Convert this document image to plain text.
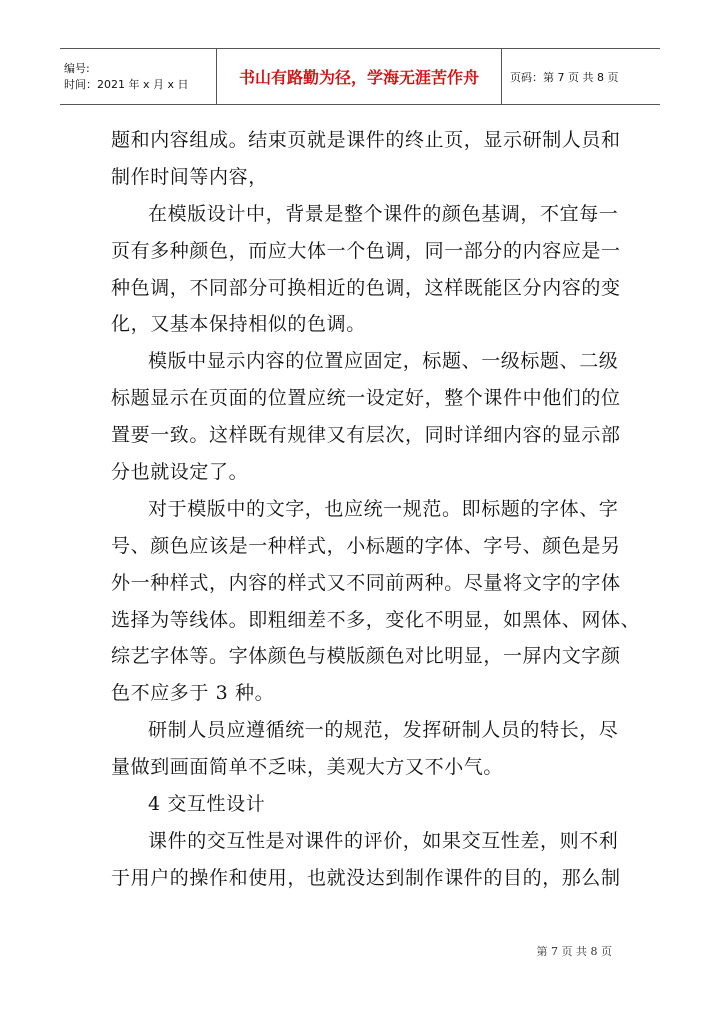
编号:
时间：2021 年 x 月 x 日	书山有路勤为径，学海无涯苦作舟	页码：第 7 页 共 8 页
题和内容组成。结束页就是课件的终止页，显示研制人员和
制作时间等内容，
在模版设计中，背景是整个课件的颜色基调，不宜每一
页有多种颜色，而应大体一个色调，同一部分的内容应是一
种色调，不同部分可换相近的色调，这样既能区分内容的变
化，又基本保持相似的色调。
模版中显示内容的位置应固定，标题、一级标题、二级
标题显示在页面的位置应统一设定好，整个课件中他们的位
置要一致。这样既有规律又有层次，同时详细内容的显示部
分也就设定了。
对于模版中的文字，也应统一规范。即标题的字体、字
号、颜色应该是一种样式，小标题的字体、字号、颜色是另
外一种样式，内容的样式又不同前两种。尽量将文字的字体
选择为等线体。即粗细差不多，变化不明显，如黑体、网体、
综艺字体等。字体颜色与模版颜色对比明显，一屏内文字颜
色不应多于 3 种。
研制人员应遵循统一的规范，发挥研制人员的特长，尽
量做到画面简单不乏味，美观大方又不小气。
4 交互性设计
课件的交互性是对课件的评价，如果交互性差，则不利
于用户的操作和使用，也就没达到制作课件的目的，那么制
第 7 页 共 8 页
